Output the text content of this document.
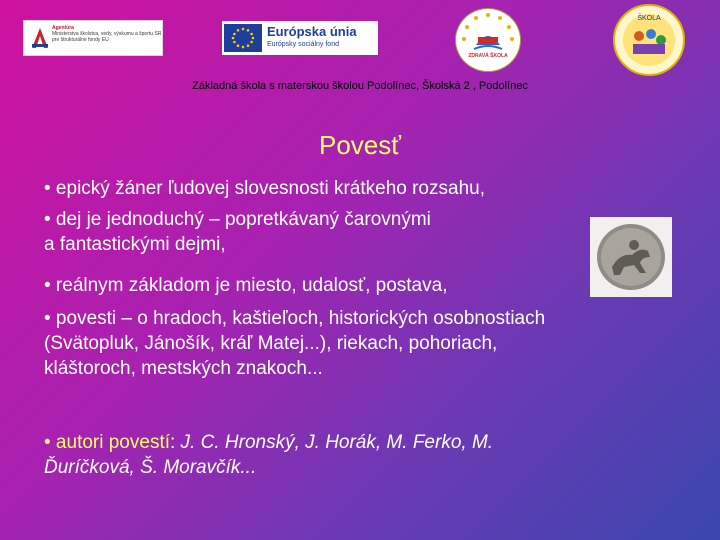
Agentúra
Ministerstva školstva, vedy, výskumu a športu SR
pre štrukturálne fondy EÚ
Európska únia
Európsky sociálny fond
ZDRAVÁ ŠKOLA
ŠKOLA
Základná škola s materskou školou Podolínec, Školská 2 , Podolínec
Povesť
• epický žáner ľudovej slovesnosti krátkeho rozsahu,
• dej je jednoduchý – popretkávaný čarovnými
a fantastickými dejmi,
• reálnym základom je miesto, udalosť, postava,
• povesti – o hradoch, kaštieľoch, historických osobnostiach
(Svätopluk, Jánošík, kráľ Matej...), riekach, pohoriach,
kláštoroch, mestských znakoch...
• autori povestí: J. C. Hronský, J. Horák, M. Ferko, M.
Ďuríčková, Š. Moravčík...
